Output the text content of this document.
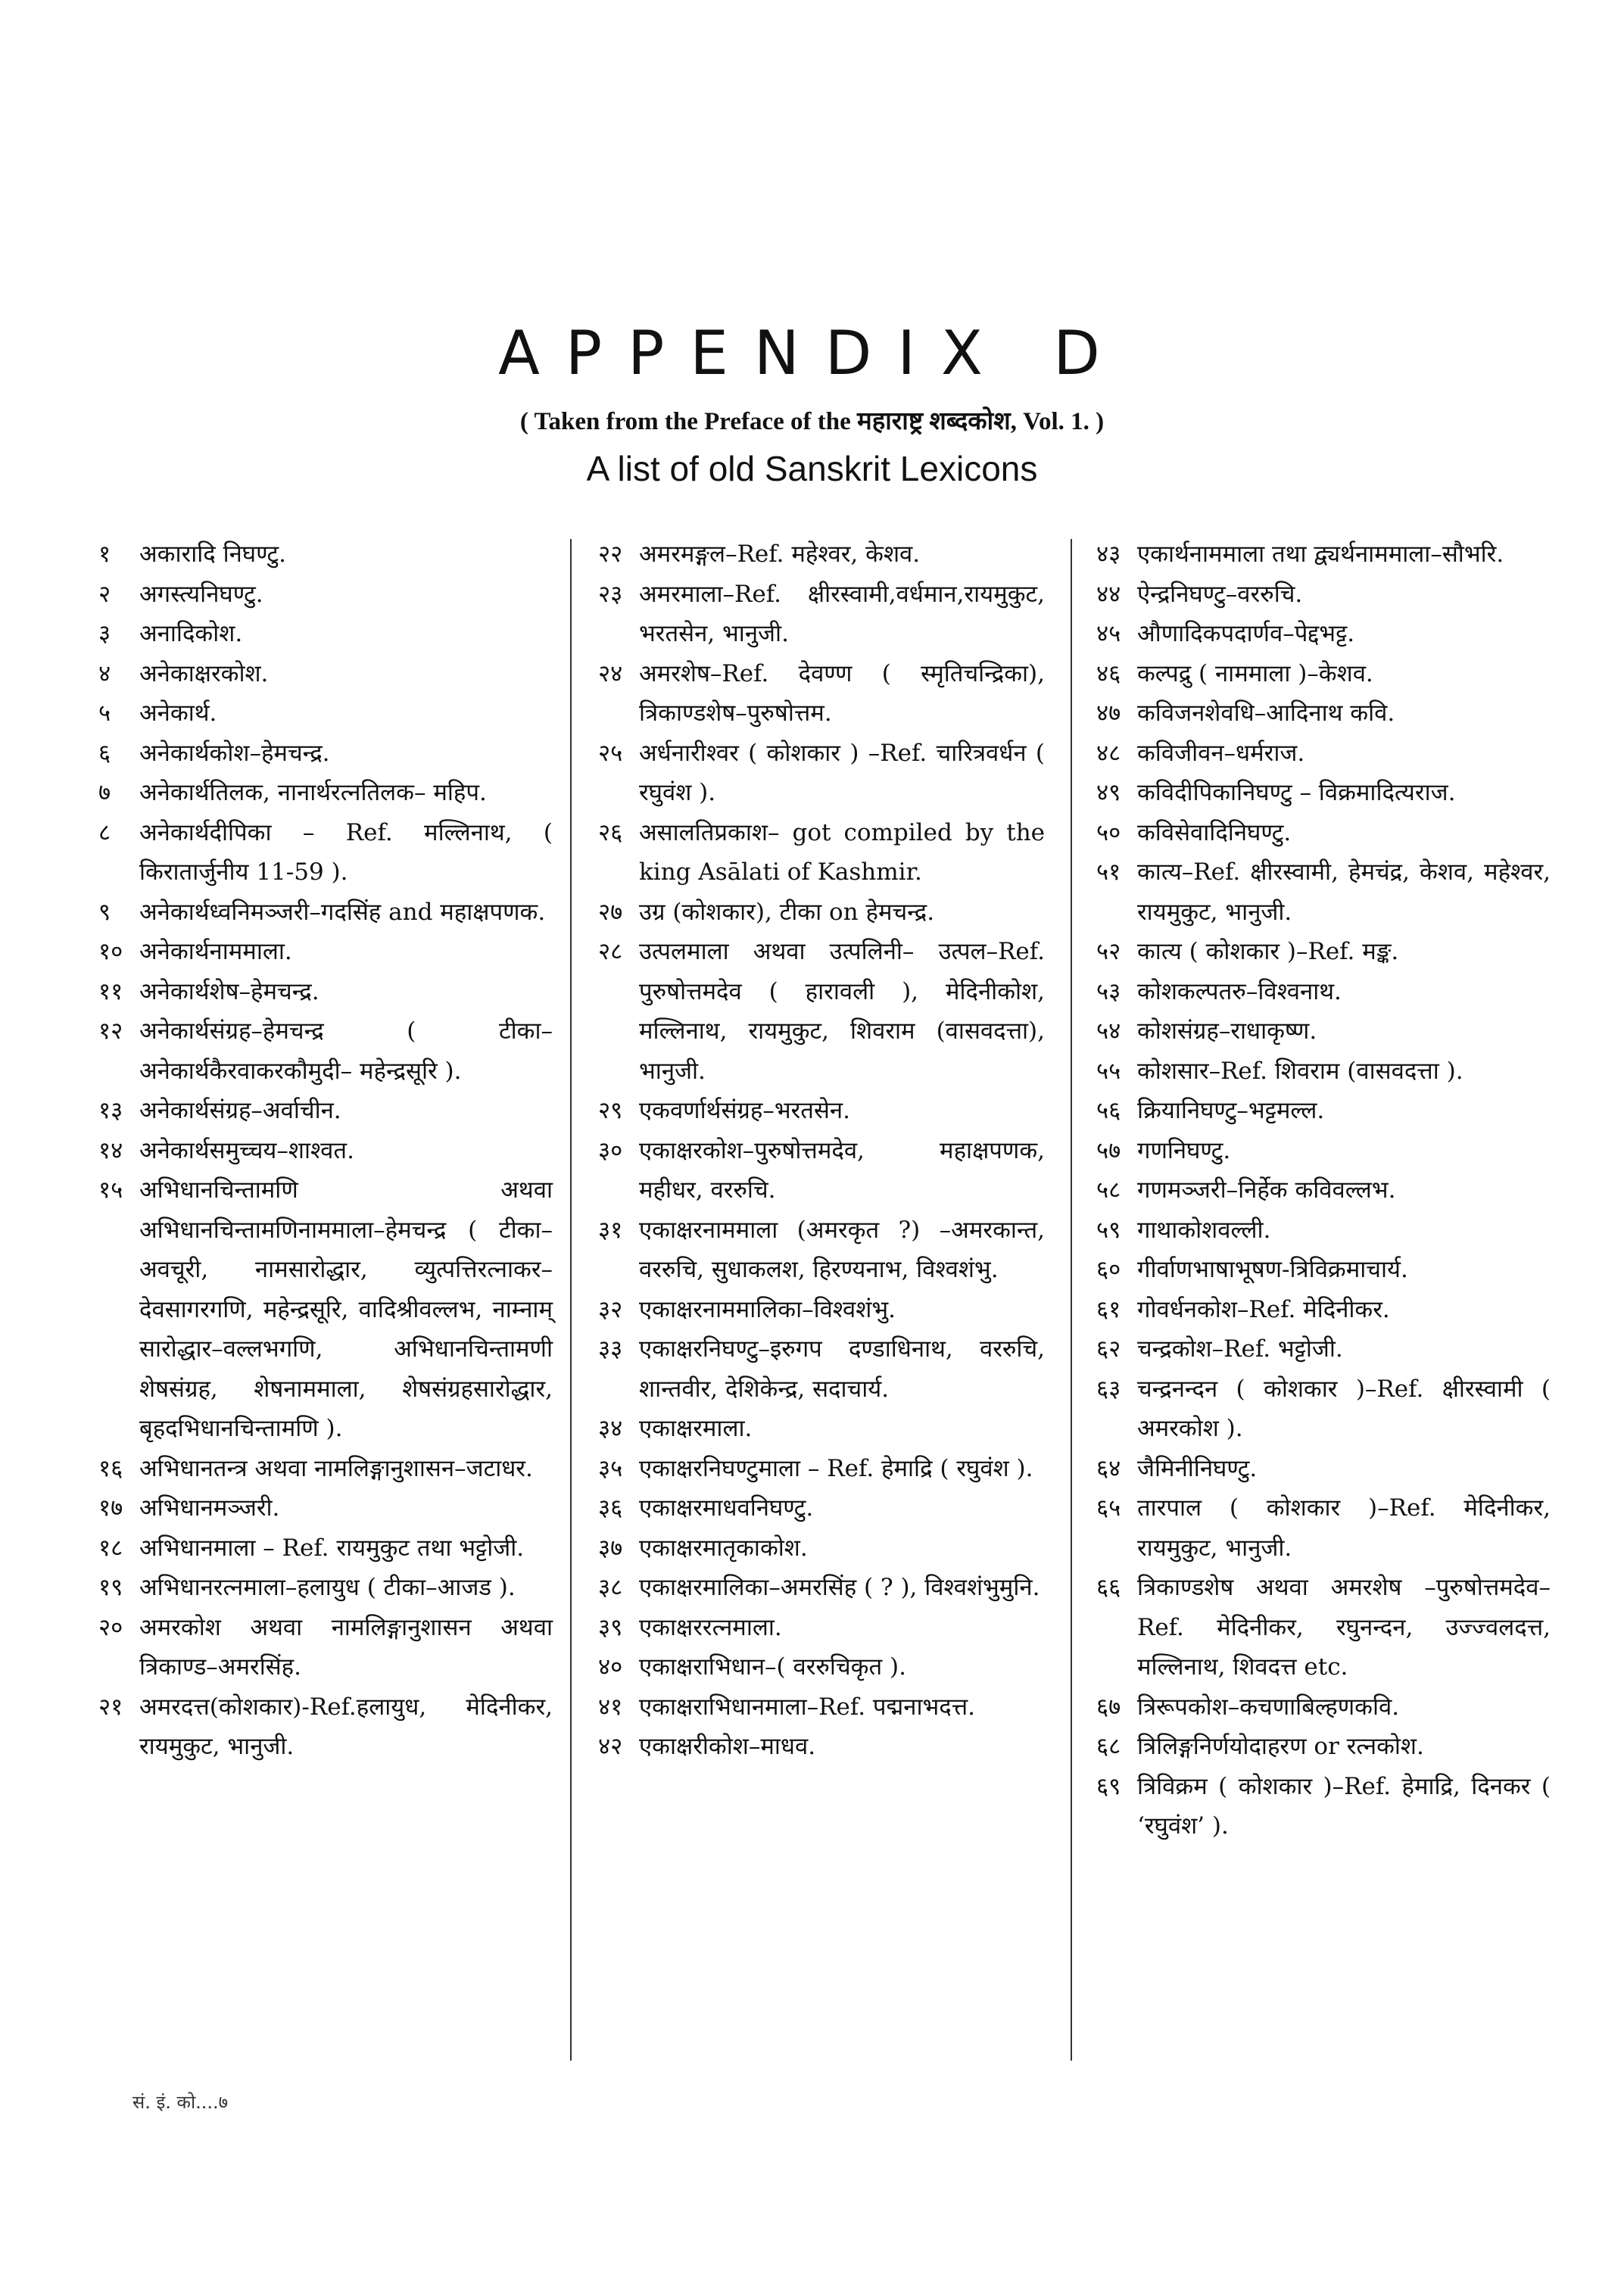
APPENDIX D
( Taken from the Preface of the महाराष्ट्र शब्दकोश, Vol. 1. )
A list of old Sanskrit Lexicons
१	अकारादि निघण्टु.
२	अगस्त्यनिघण्टु.
३	अनादिकोश.
४	अनेकाक्षरकोश.
५	अनेकार्थ.
६	अनेकार्थकोश–हेमचन्द्र.
७	अनेकार्थतिलक, नानार्थरत्नतिलक– महिप.
८	अनेकार्थदीपिका – Ref. मल्लिनाथ, ( किरातार्जुनीय 11-59 ).
९	अनेकार्थध्वनिमञ्जरी–गदसिंह and महाक्षपणक.
१० अनेकार्थनाममाला.
११ अनेकार्थशेष–हेमचन्द्र.
१२ अनेकार्थसंग्रह–हेमचन्द्र ( टीका– अनेकार्थकैरवाकरकौमुदी– महेन्द्रसूरि ).
१३ अनेकार्थसंग्रह–अर्वाचीन.
१४ अनेकार्थसमुच्चय–शाश्वत.
१५ अभिधानचिन्तामणि अथवा अभिधानचिन्तामणिनाममाला–हेमचन्द्र ( टीका–अवचूरी, नामसारोद्धार, व्युत्पत्तिरत्नाकर– देवसागरगणि, महेन्द्रसूरि, वादिश्रीवल्लभ, नाम्नाम् सारोद्धार–वल्लभगणि, अभिधानचिन्तामणी शेषसंग्रह, शेषनाममाला, शेषसंग्रहसारोद्धार, बृहदभिधानचिन्तामणि ).
१६ अभिधानतन्त्र अथवा नामलिङ्गानुशासन–जटाधर.
१७ अभिधानमञ्जरी.
१८ अभिधानमाला – Ref. रायमुकुट तथा भट्टोजी.
१९ अभिधानरत्नमाला–हलायुध ( टीका–आजड ).
२० अमरकोश अथवा नामलिङ्गानुशासन अथवा त्रिकाण्ड–अमरसिंह.
२१ अमरदत्त(कोशकार)-Ref.हलायुध, मेदिनीकर, रायमुकुट, भानुजी.
२२ अमरमङ्गल–Ref. महेश्वर, केशव.
२३ अमरमाला–Ref. क्षीरस्वामी,वर्धमान,रायमुकुट, भरतसेन, भानुजी.
२४ अमरशेष–Ref. देवण्ण ( स्मृतिचन्द्रिका), त्रिकाण्डशेष–पुरुषोत्तम.
२५ अर्धनारीश्वर ( कोशकार ) –Ref. चारित्रवर्धन ( रघुवंश ).
२६ असालतिप्रकाश– got compiled by the king Asālati of Kashmir.
२७ उग्र (कोशकार), टीका on हेमचन्द्र.
२८ उत्पलमाला अथवा उत्पलिनी– उत्पल–Ref. पुरुषोत्तमदेव ( हारावली ), मेदिनीकोश, मल्लिनाथ, रायमुकुट, शिवराम (वासवदत्ता), भानुजी.
२९ एकवर्णार्थसंग्रह–भरतसेन.
३० एकाक्षरकोश–पुरुषोत्तमदेव, महाक्षपणक, महीधर, वररुचि.
३१ एकाक्षरनाममाला (अमरकृत ?) –अमरकान्त, वररुचि, सुधाकलश, हिरण्यनाभ, विश्वशंभु.
३२ एकाक्षरनाममालिका–विश्वशंभु.
३३ एकाक्षरनिघण्टु–इरुगप दण्डाधिनाथ, वररुचि, शान्तवीर, देशिकेन्द्र, सदाचार्य.
३४ एकाक्षरमाला.
३५ एकाक्षरनिघण्टुमाला – Ref. हेमाद्रि ( रघुवंश ).
३६ एकाक्षरमाधवनिघण्टु.
३७ एकाक्षरमातृकाकोश.
३८ एकाक्षरमालिका–अमरसिंह ( ? ), विश्वशंभुमुनि.
३९ एकाक्षररत्नमाला.
४० एकाक्षराभिधान–( वररुचिकृत ).
४१ एकाक्षराभिधानमाला–Ref. पद्मनाभदत्त.
४२ एकाक्षरीकोश–माधव.
४३ एकार्थनाममाला तथा द्व्यर्थनाममाला–सौभरि.
४४ ऐन्द्रनिघण्टु–वररुचि.
४५ औणादिकपदार्णव–पेद्दभट्ट.
४६ कल्पद्रु ( नाममाला )–केशव.
४७ कविजनशेवधि–आदिनाथ कवि.
४८ कविजीवन–धर्मराज.
४९ कविदीपिकानिघण्टु – विक्रमादित्यराज.
५० कविसेवादिनिघण्टु.
५१ कात्य–Ref. क्षीरस्वामी, हेमचंद्र, केशव, महेश्वर, रायमुकुट, भानुजी.
५२ कात्य ( कोशकार )–Ref. मङ्क.
५३ कोशकल्पतरु–विश्वनाथ.
५४ कोशसंग्रह–राधाकृष्ण.
५५ कोशसार–Ref. शिवराम (वासवदत्ता ).
५६ क्रियानिघण्टु–भट्टमल्ल.
५७ गणनिघण्टु.
५८ गणमञ्जरी–निर्हेक कविवल्लभ.
५९ गाथाकोशवल्ली.
६० गीर्वाणभाषाभूषण-त्रिविक्रमाचार्य.
६१ गोवर्धनकोश–Ref. मेदिनीकर.
६२ चन्द्रकोश–Ref. भट्टोजी.
६३ चन्द्रनन्दन ( कोशकार )–Ref. क्षीरस्वामी ( अमरकोश ).
६४ जैमिनीनिघण्टु.
६५ तारपाल ( कोशकार )–Ref. मेदिनीकर, रायमुकुट, भानुजी.
६६ त्रिकाण्डशेष अथवा अमरशेष –पुरुषोत्तमदेव–Ref. मेदिनीकर, रघुनन्दन, उज्ज्वलदत्त, मल्लिनाथ, शिवदत्त etc.
६७ त्रिरूपकोश–कचणाबिल्हणकवि.
६८ त्रिलिङ्गनिर्णयोदाहरण or रत्नकोश.
६९ त्रिविक्रम ( कोशकार )–Ref. हेमाद्रि, दिनकर ( ‘रघुवंश’ ).
सं. इं. को....७
